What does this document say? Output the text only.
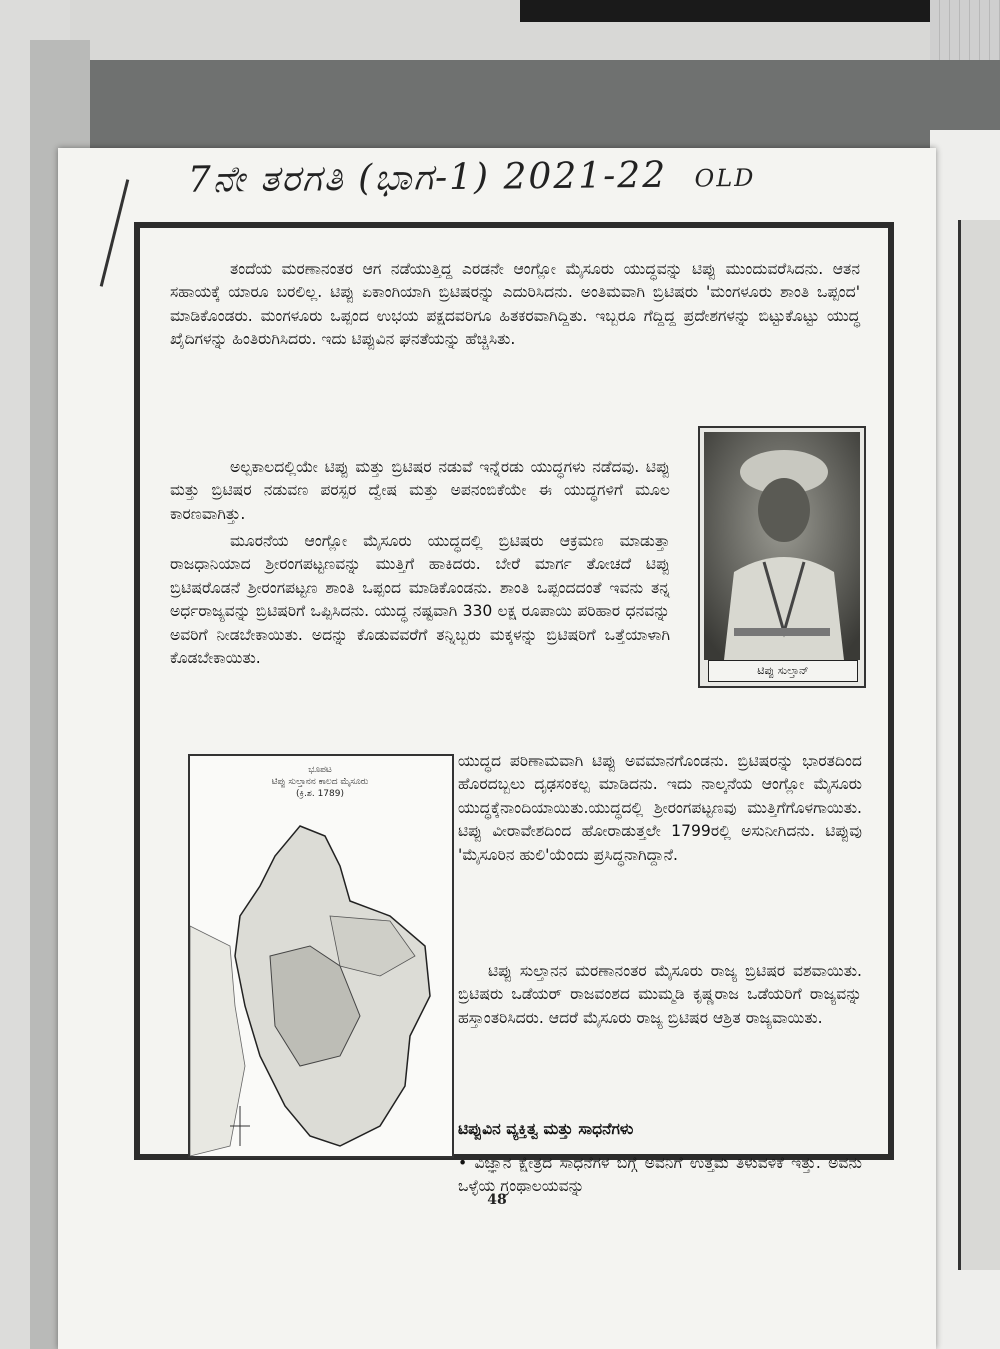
7ನೇ ತರಗತಿ (ಭಾಗ-1) 2021-22 OLD
ತಂದೆಯ ಮರಣಾನಂತರ ಆಗ ನಡೆಯುತ್ತಿದ್ದ ಎರಡನೇ ಆಂಗ್ಲೋ ಮೈಸೂರು ಯುದ್ಧವನ್ನು ಟಿಪ್ಪು ಮುಂದುವರೆಸಿದನು. ಆತನ ಸಹಾಯಕ್ಕೆ ಯಾರೂ ಬರಲಿಲ್ಲ. ಟಿಪ್ಪು ಏಕಾಂಗಿಯಾಗಿ ಬ್ರಿಟಿಷರನ್ನು ಎದುರಿಸಿದನು. ಅಂತಿಮವಾಗಿ ಬ್ರಿಟಿಷರು 'ಮಂಗಳೂರು ಶಾಂತಿ ಒಪ್ಪಂದ' ಮಾಡಿಕೊಂಡರು. ಮಂಗಳೂರು ಒಪ್ಪಂದ ಉಭಯ ಪಕ್ಷದವರಿಗೂ ಹಿತಕರವಾಗಿದ್ದಿತು. ಇಬ್ಬರೂ ಗೆದ್ದಿದ್ದ ಪ್ರದೇಶಗಳನ್ನು ಬಿಟ್ಟುಕೊಟ್ಟು ಯುದ್ಧ ಖೈದಿಗಳನ್ನು ಹಿಂತಿರುಗಿಸಿದರು. ಇದು ಟಿಪ್ಪುವಿನ ಘನತೆಯನ್ನು ಹೆಚ್ಚಿಸಿತು.
ಅಲ್ಪಕಾಲದಲ್ಲಿಯೇ ಟಿಪ್ಪು ಮತ್ತು ಬ್ರಿಟಿಷರ ನಡುವೆ ಇನ್ನೆರಡು ಯುದ್ಧಗಳು ನಡೆದವು. ಟಿಪ್ಪು ಮತ್ತು ಬ್ರಿಟಿಷರ ನಡುವಣ ಪರಸ್ಪರ ದ್ವೇಷ ಮತ್ತು ಅಪನಂಬಿಕೆಯೇ ಈ ಯುದ್ಧಗಳಿಗೆ ಮೂಲ ಕಾರಣವಾಗಿತ್ತು.
ಮೂರನೆಯ ಆಂಗ್ಲೋ ಮೈಸೂರು ಯುದ್ಧದಲ್ಲಿ ಬ್ರಿಟಿಷರು ಆಕ್ರಮಣ ಮಾಡುತ್ತಾ ರಾಜಧಾನಿಯಾದ ಶ್ರೀರಂಗಪಟ್ಟಣವನ್ನು ಮುತ್ತಿಗೆ ಹಾಕಿದರು. ಬೇರೆ ಮಾರ್ಗ ತೋಚದೆ ಟಿಪ್ಪು ಬ್ರಿಟಿಷರೊಡನೆ ಶ್ರೀರಂಗಪಟ್ಟಣ ಶಾಂತಿ ಒಪ್ಪಂದ ಮಾಡಿಕೊಂಡನು. ಶಾಂತಿ ಒಪ್ಪಂದದಂತೆ ಇವನು ತನ್ನ ಅರ್ಧರಾಜ್ಯವನ್ನು ಬ್ರಿಟಿಷರಿಗೆ ಒಪ್ಪಿಸಿದನು. ಯುದ್ಧ ನಷ್ಟವಾಗಿ 330 ಲಕ್ಷ ರೂಪಾಯಿ ಪರಿಹಾರ ಧನವನ್ನು ಅವರಿಗೆ ನೀಡಬೇಕಾಯಿತು. ಅದನ್ನು ಕೊಡುವವರೆಗೆ ತನ್ನಿಬ್ಬರು ಮಕ್ಕಳನ್ನು ಬ್ರಿಟಿಷರಿಗೆ ಒತ್ತೆಯಾಳಾಗಿ ಕೊಡಬೇಕಾಯಿತು.
ಟಿಪ್ಪು ಸುಲ್ತಾನ್
ಭೂಪಟ
ಟಿಪ್ಪು ಸುಲ್ತಾನನ ಕಾಲದ ಮೈಸೂರು
(ಕ್ರಿ.ಶ. 1789)
ಯುದ್ಧದ ಪರಿಣಾಮವಾಗಿ ಟಿಪ್ಪು ಅವಮಾನಗೊಂಡನು. ಬ್ರಿಟಿಷರನ್ನು ಭಾರತದಿಂದ ಹೊರದಬ್ಬಲು ದೃಢಸಂಕಲ್ಪ ಮಾಡಿದನು. ಇದು ನಾಲ್ಕನೆಯ ಆಂಗ್ಲೋ ಮೈಸೂರು ಯುದ್ಧಕ್ಕೆನಾಂದಿಯಾಯಿತು.ಯುದ್ಧದಲ್ಲಿ ಶ್ರೀರಂಗಪಟ್ಟಣವು ಮುತ್ತಿಗೆಗೊಳಗಾಯಿತು. ಟಿಪ್ಪು ವೀರಾವೇಶದಿಂದ ಹೋರಾಡುತ್ತಲೇ 1799ರಲ್ಲಿ ಅಸುನೀಗಿದನು. ಟಿಪ್ಪುವು 'ಮೈಸೂರಿನ ಹುಲಿ'ಯೆಂದು ಪ್ರಸಿದ್ಧನಾಗಿದ್ದಾನೆ.
ಟಿಪ್ಪು ಸುಲ್ತಾನನ ಮರಣಾನಂತರ ಮೈಸೂರು ರಾಜ್ಯ ಬ್ರಿಟಿಷರ ವಶವಾಯಿತು. ಬ್ರಿಟಿಷರು ಒಡೆಯರ್ ರಾಜವಂಶದ ಮುಮ್ಮಡಿ ಕೃಷ್ಣರಾಜ ಒಡೆಯರಿಗೆ ರಾಜ್ಯವನ್ನು ಹಸ್ತಾಂತರಿಸಿದರು. ಆದರೆ ಮೈಸೂರು ರಾಜ್ಯ ಬ್ರಿಟಿಷರ ಆಶ್ರಿತ ರಾಜ್ಯವಾಯಿತು.
ಟಿಪ್ಪುವಿನ ವ್ಯಕ್ತಿತ್ವ ಮತ್ತು ಸಾಧನೆಗಳು
• ವಿಜ್ಞಾನ ಕ್ಷೇತ್ರದ ಸಾಧನೆಗಳ ಬಗ್ಗೆ ಅವನಿಗೆ ಉತ್ತಮ ತಿಳುವಳಿಕೆ ಇತ್ತು. ಅವನು ಒಳ್ಳೆಯ ಗ್ರಂಥಾಲಯವನ್ನು
48
